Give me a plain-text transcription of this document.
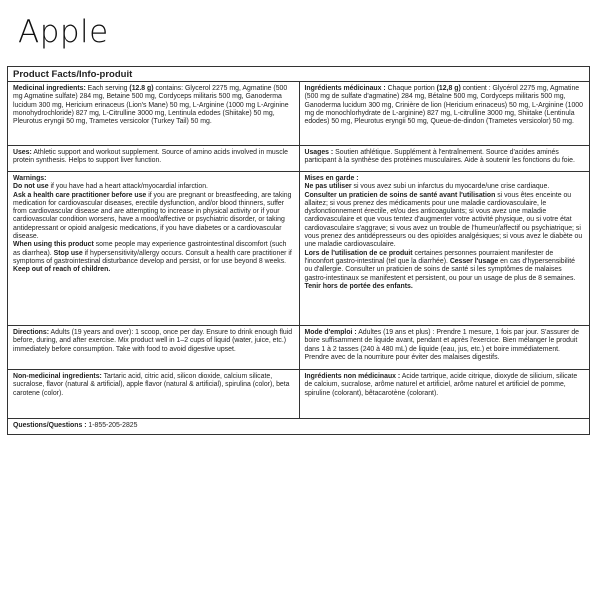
Apple
Product Facts/Info-produit
Medicinal ingredients: Each serving (12.8 g) contains: Glycerol 2275 mg, Agmatine (500 mg Agmatine sulfate) 284 mg, Betaine 500 mg, Cordyceps militaris 500 mg, Ganoderma lucidum 300 mg, Hericium erinaceus (Lion's Mane) 50 mg, L-Arginine (1000 mg L-Arginine monohydrochloride) 827 mg, L-Citrulline 3000 mg, Lentinula edodes (Shiitake) 50 mg, Pleurotus eryngii 50 mg, Trametes versicolor (Turkey Tail) 50 mg.
Ingrédients médicinaux : Chaque portion (12,8 g) contient : Glycérol 2275 mg, Agmatine (500 mg de sulfate d'agmatine) 284 mg, Bétaïne 500 mg, Cordyceps militaris 500 mg, Ganoderma lucidum 300 mg, Crinière de lion (Hericium erinaceus) 50 mg, L-Arginine (1000 mg de monochlorhydrate de L-arginine) 827 mg, L-citrulline 3000 mg, Shiitake (Lentinula edodes) 50 mg, Pleurotus eryngii 50 mg, Queue-de-dindon (Trametes versicolor) 50 mg.
Uses: Athletic support and workout supplement. Source of amino acids involved in muscle protein synthesis. Helps to support liver function.
Usages : Soutien athlétique. Supplément à l'entraînement. Source d'acides aminés participant à la synthèse des protéines musculaires. Aide à soutenir les fonctions du foie.
Warnings:
Do not use if you have had a heart attack/myocardial infarction.
Ask a health care practitioner before use if you are pregnant or breastfeeding, are taking medication for cardiovascular diseases, erectile dysfunction, and/or blood thinners, suffer from cardiovascular disease and are attempting to increase in physical activity or if your cardiovascular condition worsens, have a mood/affective or psychiatric disorder, or taking antidepressant or opioid analgesic medications, if you have diabetes or a cardiovascular disease.
When using this product some people may experience gastrointestinal discomfort (such as diarrhea). Stop use if hypersensitivity/allergy occurs. Consult a health care practitioner if symptoms of gastrointestinal disturbance develop and persist, or for use beyond 8 weeks.
Keep out of reach of children.
Mises en garde :
Ne pas utiliser si vous avez subi un infarctus du myocarde/une crise cardiaque.
Consulter un praticien de soins de santé avant l'utilisation si vous êtes enceinte ou allaitez; si vous prenez des médicaments pour une maladie cardiovasculaire, le dysfonctionnement érectile, et/ou des anticoagulants; si vous avez une maladie cardiovasculaire et que vous tentez d'augmenter votre activité physique, ou si votre état cardiovasculaire s'aggrave; si vous avez un trouble de l'humeur/affectif ou psychiatrique; si vous prenez des antidépresseurs ou des opioïdes analgésiques; si vous avez le diabète ou une maladie cardiovasculaire.
Lors de l'utilisation de ce produit certaines personnes pourraient manifester de l'inconfort gastro-intestinal (tel que la diarrhée). Cesser l'usage en cas d'hypersensibilité ou d'allergie. Consulter un praticien de soins de santé si les symptômes de malaises gastro-intestinaux se manifestent et persistent, ou pour un usage de plus de 8 semaines.
Tenir hors de portée des enfants.
Directions: Adults (19 years and over): 1 scoop, once per day. Ensure to drink enough fluid before, during, and after exercise. Mix product well in 1–2 cups of liquid (water, juice, etc.) immediately before consumption. Take with food to avoid digestive upset.
Mode d'emploi : Adultes (19 ans et plus) : Prendre 1 mesure, 1 fois par jour. S'assurer de boire suffisamment de liquide avant, pendant et après l'exercice. Bien mélanger le produit dans 1 à 2 tasses (240 à 480 mL) de liquide (eau, jus, etc.) et boire immédiatement. Prendre avec de la nourriture pour éviter des malaises digestifs.
Non-medicinal ingredients: Tartaric acid, citric acid, silicon dioxide, calcium silicate, sucralose, flavor (natural & artificial), apple flavor (natural & artificial), spirulina (color), beta carotene (color).
Ingrédients non médicinaux : Acide tartrique, acide citrique, dioxyde de silicium, silicate de calcium, sucralose, arôme naturel et artificiel, arôme naturel et artificiel de pomme, spiruline (colorant), bêtacarotène (colorant).
Questions/Questions : 1-855-205-2825
